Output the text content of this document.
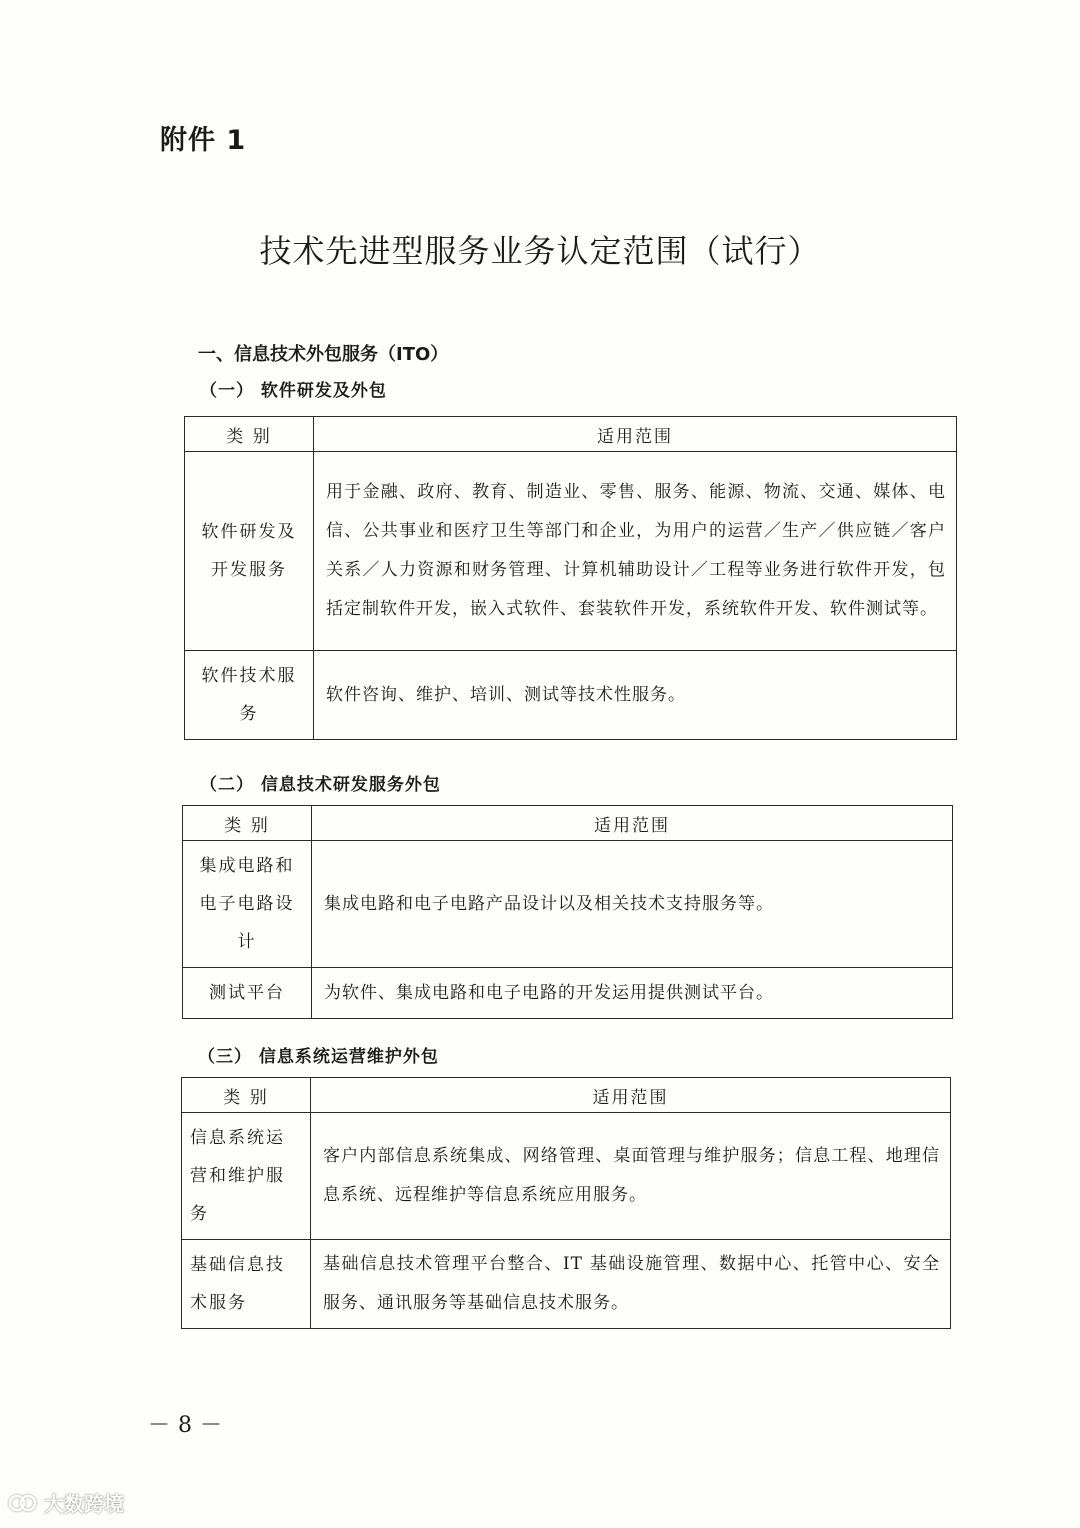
附件 1
技术先进型服务业务认定范围（试行）
一、信息技术外包服务（ITO）
（一） 软件研发及外包
类 别	适用范围
软件研发及开发服务	用于金融、政府、教育、制造业、零售、服务、能源、物流、交通、媒体、电信、公共事业和医疗卫生等部门和企业，为用户的运营／生产／供应链／客户关系／人力资源和财务管理、计算机辅助设计／工程等业务进行软件开发，包括定制软件开发，嵌入式软件、套装软件开发，系统软件开发、软件测试等。
软件技术服务	软件咨询、维护、培训、测试等技术性服务。
（二） 信息技术研发服务外包
类 别	适用范围
集成电路和电子电路设计	集成电路和电子电路产品设计以及相关技术支持服务等。
测试平台	为软件、集成电路和电子电路的开发运用提供测试平台。
（三） 信息系统运营维护外包
类 别	适用范围
信息系统运营和维护服务	客户内部信息系统集成、网络管理、桌面管理与维护服务；信息工程、地理信息系统、远程维护等信息系统应用服务。
基础信息技术服务	基础信息技术管理平台整合、IT 基础设施管理、数据中心、托管中心、安全服务、通讯服务等基础信息技术服务。
－8－
大数跨境
